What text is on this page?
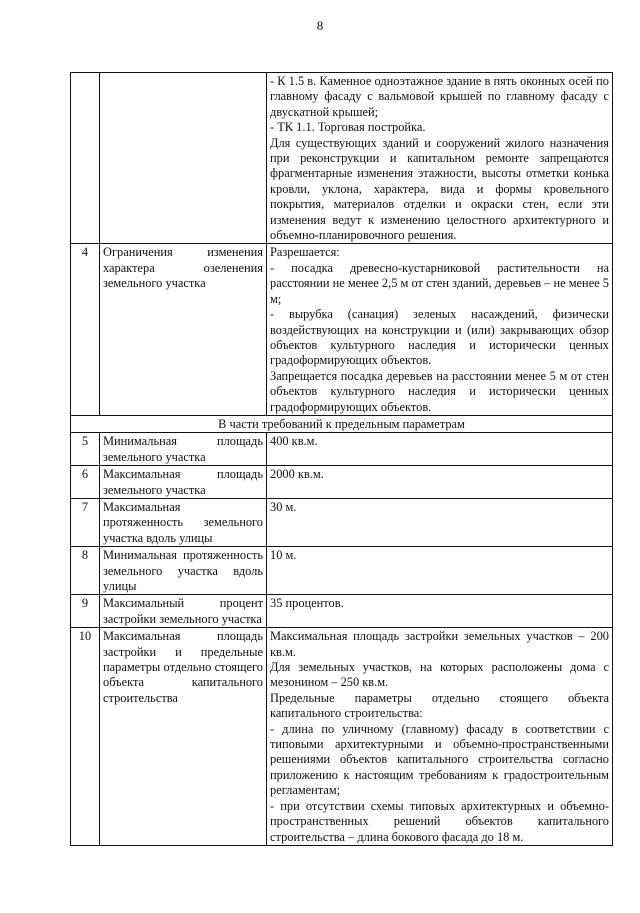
8

		- К 1.5 в. Каменное одноэтажное здание в пять оконных осей по главному фасаду с вальмовой крышей по главному фасаду с двускатной крышей;
- ТК 1.1. Торговая постройка.
Для существующих зданий и сооружений жилого назначения при реконструкции и капитальном ремонте запрещаются фрагментарные изменения этажности, высоты отметки конька кровли, уклона, характера, вида и формы кровельного покрытия, материалов отделки и окраски стен, если эти изменения ведут к изменению целостного архитектурного и объемно-планировочного решения.

4	Ограничения изменения характера озеленения земельного участка	Разрешается:
- посадка древесно-кустарниковой растительности на расстоянии не менее 2,5 м от стен зданий, деревьев – не менее 5 м;
- вырубка (санация) зеленых насаждений, физически воздействующих на конструкции и (или) закрывающих обзор объектов культурного наследия и исторически ценных градоформирующих объектов.
Запрещается посадка деревьев на расстоянии менее 5 м от стен объектов культурного наследия и исторически ценных градоформирующих объектов.

В части требований к предельным параметрам		
5	Минимальная площадь земельного участка	400 кв.м.
6	Максимальная площадь земельного участка	2000 кв.м.
7	Максимальная протяженность земельного участка вдоль улицы	30 м.
8	Минимальная протяженность земельного участка вдоль улицы	10 м.
9	Максимальный процент застройки земельного участка	35 процентов.
10	Максимальная площадь застройки и предельные параметры отдельно стоящего объекта капитального строительства	Максимальная площадь застройки земельных участков – 200 кв.м.
Для земельных участков, на которых расположены дома с мезонином – 250 кв.м.
Предельные параметры отдельно стоящего объекта капитального строительства:
- длина по уличному (главному) фасаду в соответствии с типовыми архитектурными и объемно-пространственными решениями объектов капитального строительства согласно приложению к настоящим требованиям к градостроительным регламентам;
- при отсутствии схемы типовых архитектурных и объемно-пространственных решений объектов капитального строительства – длина бокового фасада до 18 м.
